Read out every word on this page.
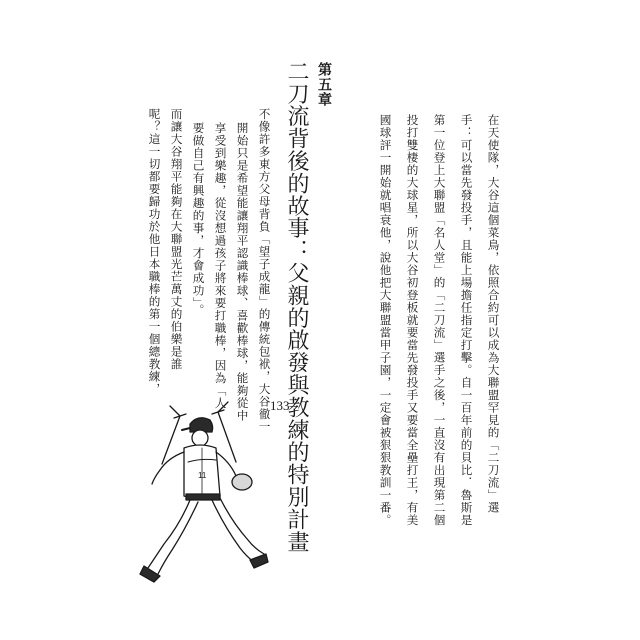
在天使隊，大谷這個菜鳥，依照合約可以成為大聯盟罕見的「二刀流」選
手：可以當先發投手，且能上場擔任指定打擊。自一百年前的貝比．魯斯是
第一位登上大聯盟「名人堂」的「二刀流」選手之後，一直沒有出現第二個
投打雙棲的大球星，所以大谷初登板就要當先發投手又要當全壘打王，有美
國球評一開始就唱衰他，說他把大聯盟當甲子園，一定會被狠狠教訓一番。
第五章
二刀流背後的故事：父親的啟發與教練的特別計畫
133
不像許多東方父母背負「望子成龍」的傳統包袱，大谷徹一
開始只是希望能讓翔平認識棒球、喜歡棒球，能夠從中
享受到樂趣，從沒想過孩子將來要打職棒，因為「人
要做自己有興趣的事，才會成功」。
而讓大谷翔平能夠在大聯盟光芒萬丈的伯樂是誰
呢？這一切都要歸功於他日本職棒的第一個總教練，
11
